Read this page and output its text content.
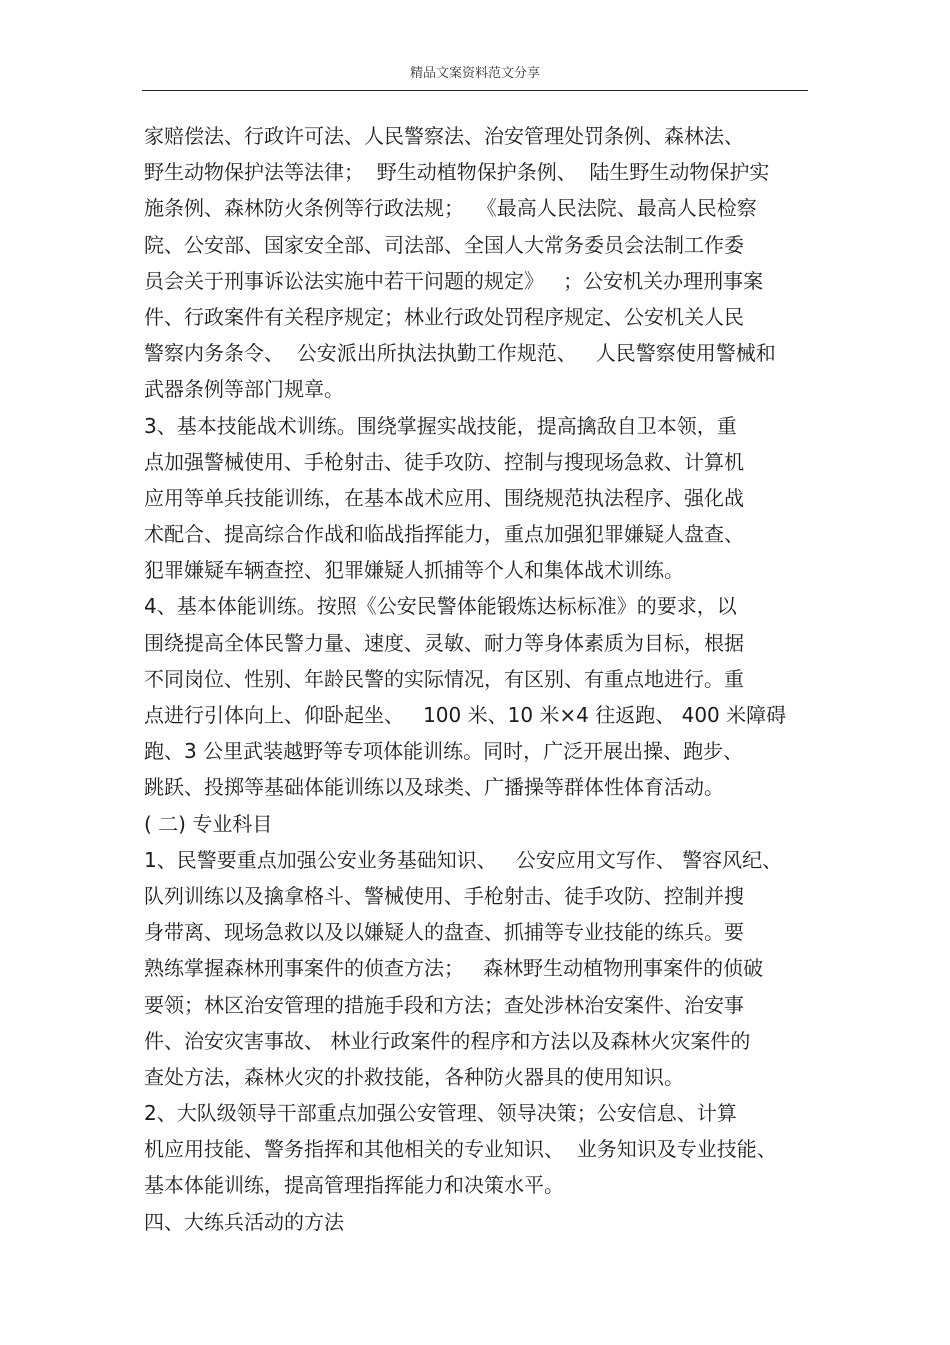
精品文案资料范文分享
家赔偿法、行政许可法、人民警察法、治安管理处罚条例、森林法、
野生动物保护法等法律；  野生动植物保护条例、  陆生野生动物保护实
施条例、森林防火条例等行政法规；  《最高人民法院、最高人民检察
院、公安部、国家安全部、司法部、全国人大常务委员会法制工作委
员会关于刑事诉讼法实施中若干问题的规定》   ；公安机关办理刑事案
件、行政案件有关程序规定；林业行政处罚程序规定、公安机关人民
警察内务条令、  公安派出所执法执勤工作规范、   人民警察使用警械和
武器条例等部门规章。
3、基本技能战术训练。围绕掌握实战技能，提高擒敌自卫本领，重
点加强警械使用、手枪射击、徒手攻防、控制与搜现场急救、计算机
应用等单兵技能训练，在基本战术应用、围绕规范执法程序、强化战
术配合、提高综合作战和临战指挥能力，重点加强犯罪嫌疑人盘查、
犯罪嫌疑车辆查控、犯罪嫌疑人抓捕等个人和集体战术训练。
4、基本体能训练。按照《公安民警体能锻炼达标标准》的要求，以
围绕提高全体民警力量、速度、灵敏、耐力等身体素质为目标，根据
不同岗位、性别、年龄民警的实际情况，有区别、有重点地进行。重
点进行引体向上、仰卧起坐、   100 米、10 米×4 往返跑、 400 米障碍
跑、3 公里武装越野等专项体能训练。同时，广泛开展出操、跑步、
跳跃、投掷等基础体能训练以及球类、广播操等群体性体育活动。
( 二) 专业科目
1、民警要重点加强公安业务基础知识、   公安应用文写作、 警容风纪、
队列训练以及擒拿格斗、警械使用、手枪射击、徒手攻防、控制并搜
身带离、现场急救以及以嫌疑人的盘查、抓捕等专业技能的练兵。要
熟练掌握森林刑事案件的侦查方法；   森林野生动植物刑事案件的侦破
要领；林区治安管理的措施手段和方法；查处涉林治安案件、治安事
件、治安灾害事故、 林业行政案件的程序和方法以及森林火灾案件的
查处方法，森林火灾的扑救技能，各种防火器具的使用知识。
2、大队级领导干部重点加强公安管理、领导决策；公安信息、计算
机应用技能、警务指挥和其他相关的专业知识、  业务知识及专业技能、
基本体能训练，提高管理指挥能力和决策水平。
四、大练兵活动的方法
